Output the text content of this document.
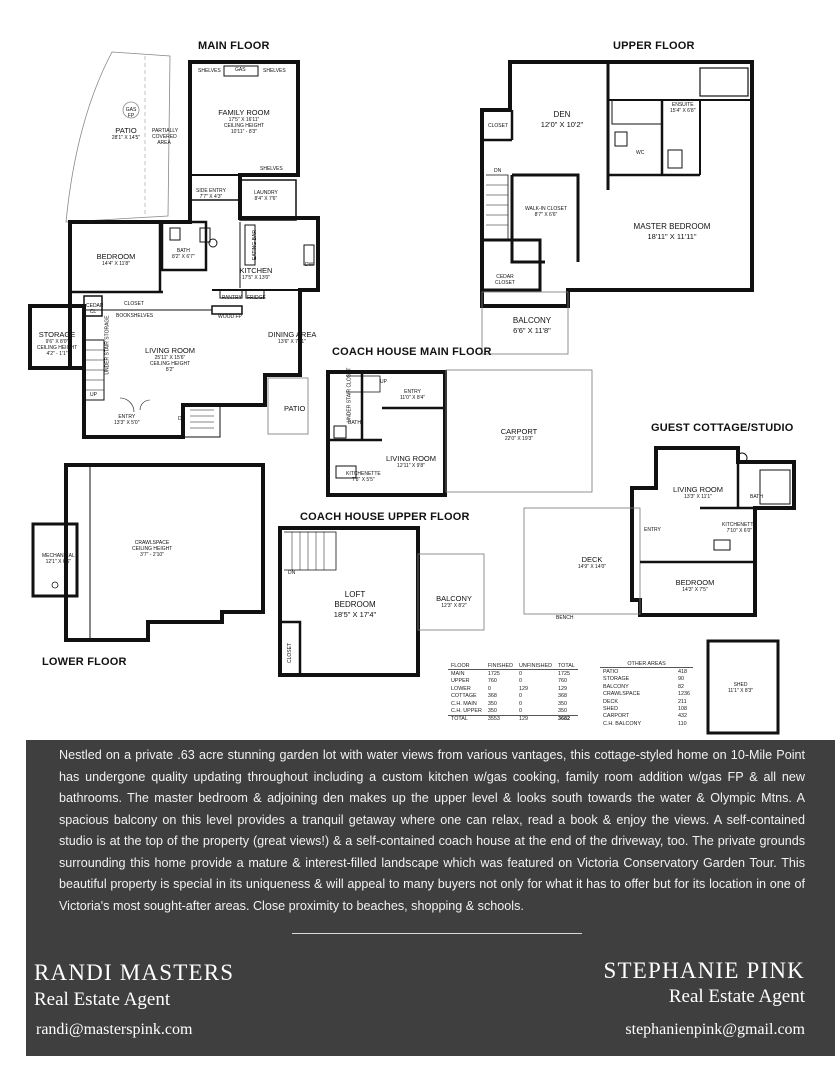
MAIN FLOOR	UPPER FLOOR
COACH HOUSE MAIN FLOOR
COACH HOUSE UPPER FLOOR
GUEST COTTAGE/STUDIO
LOWER FLOOR
GAS FP
PATIO
28'1" X 14'5"
PARTIALLY COVERED AREA
SHELVES	GAS	SHELVES
FAMILY ROOM
17'5" X 16'11"
CEILING HEIGHT
10'11" - 8'3"
SHELVES
SIDE ENTRY
7'7" X 4'3"
LAUNDRY
8'4" X 7'6"
BEDROOM
14'4" X 11'8"
BATH
8'2" X 6'7"	EATING BAR
KITCHEN
17'5" X 13'0"
DW
PANTRY FRIDGE
CLOSET
CEDAR CL
WOOD FP
BOOKSHELVES
STORAGE
9'6" X 8'0"
CEILING HEIGHT
4'2" - 1'1"	UNDER STAIR STORAGE	LIVING ROOM
25'11" X 15'6"
CEILING HEIGHT
8'2"
DINING AREA
13'6" X 7'11"
UP
ENTRY
13'3" X 5'0"
DN
PATIO
DEN
12'0" X 10'2"
CLOSET
ENSUITE
15'4" X 6'8"
WC
DN
WALK-IN CLOSET
8'7" X 6'6"
MASTER BEDROOM
18'11" X 11'11"
CEDAR CLOSET
BALCONY
6'6" X 11'8"
UP
UNDER STAIR CLOSET	ENTRY
11'0" X 8'4"
BATH
LIVING ROOM
12'11" X 9'8"
KITCHENETTE
7'8" X 5'5"
CARPORT
22'0" X 19'3"
LIVING ROOM
13'3" X 11'1"	BATH
ENTRY
KITCHENETTE
7'10" X 6'0"
DECK
14'9" X 14'0"
BEDROOM
14'3" X 7'5"
BENCH
MECHANICAL
12'1" X 6'6"
CRAWLSPACE
CEILING HEIGHT
3'7" - 2'10"
DN
LOFT BEDROOM
18'5" X 17'4"
BALCONY
12'3" X 8'2"
CLOSET
SHED
11'1" X 8'3"
FLOOR	FINISHED	UNFINISHED	TOTAL
MAIN	1725	0	1725
UPPER	760	0	760
LOWER	0	129	129
COTTAGE	368	0	368
C.H. MAIN	350	0	350
C.H. UPPER	350	0	350
TOTAL	3553	129	3682
OTHER AREAS	
PATIO	418
STORAGE	90
BALCONY	82
CRAWLSPACE	1236
DECK	211
SHED	108
CARPORT	432
C.H. BALCONY	110
Nestled on a private .63 acre stunning garden lot with water views from various vantages, this cottage-styled home on 10-Mile Point has undergone quality updating throughout including a custom kitchen w/gas cooking, family room addition w/gas FP & all new bathrooms. The master bedroom & adjoining den makes up the upper level & looks south towards the water & Olympic Mtns. A spacious balcony on this level provides a tranquil getaway where one can relax, read a book & enjoy the views. A self-contained studio is at the top of the property (great views!) & a self-contained coach house at the end of the driveway, too. The private grounds surrounding this home provide a mature & interest-filled landscape which was featured on Victoria Conservatory Garden Tour. This beautiful property is special in its uniqueness & will appeal to many buyers not only for what it has to offer but for its location in one of Victoria's most sought-after areas. Close proximity to beaches, shopping & schools.
RANDI MASTERS
Real Estate Agent
randi@masterspink.com
STEPHANIE PINK
Real Estate Agent
stephanienpink@gmail.com
